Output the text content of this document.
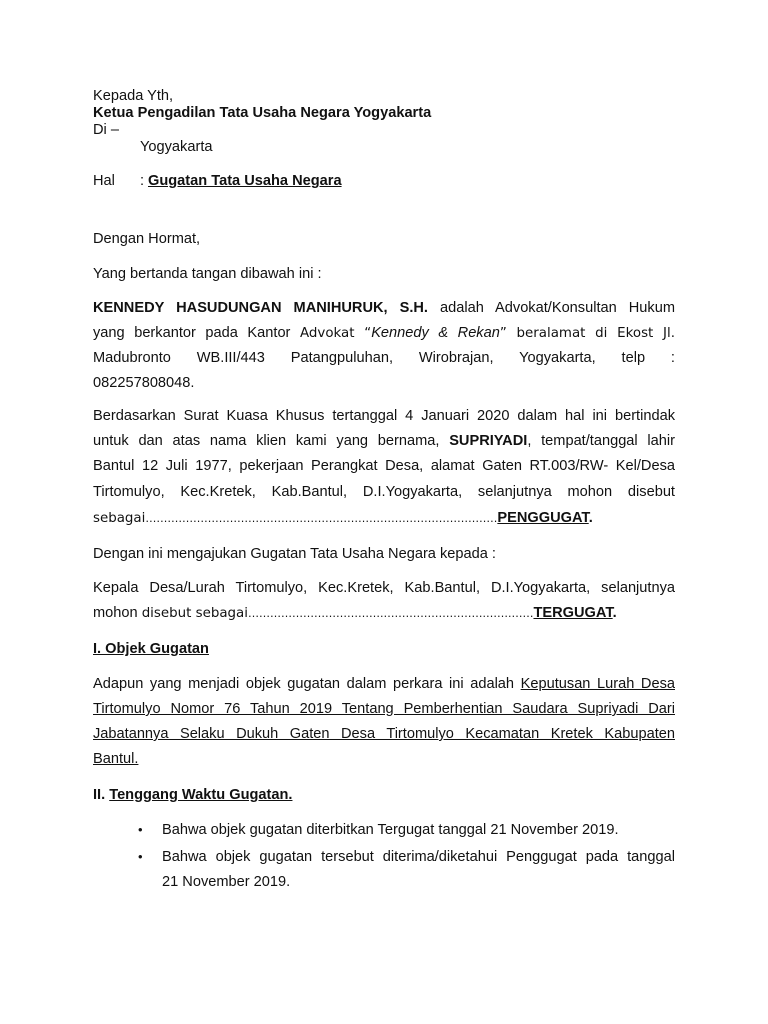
Kepada Yth,
Ketua Pengadilan Tata Usaha Negara Yogyakarta
Di –
Yogyakarta
Hal : Gugatan Tata Usaha Negara
Dengan Hormat,
Yang bertanda tangan dibawah ini :
KENNEDY HASUDUNGAN MANIHURUK, S.H. adalah Advokat/Konsultan Hukum
yang berkantor pada Kantor Advokat “Kennedy & Rekan” beralamat di Ekost Jl.
Madubronto WB.III/443 Patangpuluhan, Wirobrajan, Yogyakarta, telp :
082257808048.
Berdasarkan Surat Kuasa Khusus tertanggal 4 Januari 2020 dalam hal ini bertindak
untuk dan atas nama klien kami yang bernama, SUPRIYADI, tempat/tanggal lahir
Bantul 12 Juli 1977, pekerjaan Perangkat Desa, alamat Gaten RT.003/RW- Kel/Desa
Tirtomulyo, Kec.Kretek, Kab.Bantul, D.I.Yogyakarta, selanjutnya mohon disebut
sebagai……………………………………………………………………………………PENGGUGAT.
Dengan ini mengajukan Gugatan Tata Usaha Negara kepada :
Kepala Desa/Lurah Tirtomulyo, Kec.Kretek, Kab.Bantul, D.I.Yogyakarta, selanjutnya
mohon disebut sebagai……………………………….……………………….…….……TERGUGAT.
I. Objek Gugatan
Adapun yang menjadi objek gugatan dalam perkara ini adalah Keputusan Lurah Desa
Tirtomulyo Nomor 76 Tahun 2019 Tentang Pemberhentian Saudara Supriyadi Dari
Jabatannya Selaku Dukuh Gaten Desa Tirtomulyo Kecamatan Kretek Kabupaten
Bantul.
II. Tenggang Waktu Gugatan.
• Bahwa objek gugatan diterbitkan Tergugat tanggal 21 November 2019.
• Bahwa objek gugatan tersebut diterima/diketahui Penggugat pada tanggal
21 November 2019.
